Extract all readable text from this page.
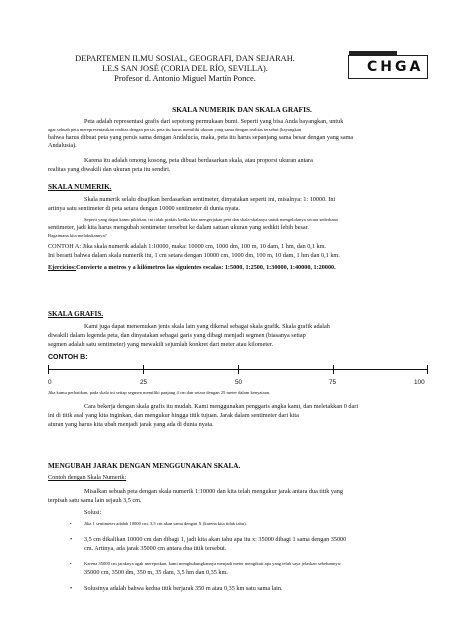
DEPARTEMEN ILMU SOSIAL, GEOGRAFI, DAN SEJARAH.
I.E.S SAN JOSÉ (CORIA DEL RÍO, SEVILLA).
Profesor d. Antonio Miguel Martín Ponce.
CHGA
SKALA NUMERIK DAN SKALA GRAFIS.
Peta adalah representasi grafis dari sepotong permukaan bumi. Seperti yang bisa Anda bayangkan, untuk
agar sebuah peta merepresentasikan realitas dengan persis, peta itu harus memiliki ukuran yang sama dengan realitas tersebut (bayangkan
bahwa harus dibuat peta yang persis sama dengan Andalucía, maka, peta itu harus sepanjang sama besar dengan yang sama
Andalusia).
Karena itu adalah omong kosong, peta dibuat berdasarkan skala, atau proporsi ukuran antara
realitas yang diwakili dan ukuran peta itu sendiri.
SKALA NUMERIK.
Skala numerik selalu disajikan berdasarkan sentimeter, dinyatakan seperti ini, misalnya: 1: 10000. Ini
artinya satu sentimeter di peta setara dengan 10000 sentimeter di dunia nyata.
Seperti yang dapat kamu pikirkan, ini tidak praktis ketika kita mengerjakan peta dan skala-skalanya untuk mengelolanya secara sederhana
sentimeter, jadi kita harus mengubah sentimeter tersebut ke dalam satuan ukuran yang sedikit lebih besar.
Bagaimana kita melakukannya?
CONTOH A: Jika skala numerik adalah 1:10000, maka: 10000 cm, 1000 dm, 100 m, 10 dam, 1 hm, dan 0,1 km.
Ini berarti bahwa dalam skala numerik itu, 1 cm setara dengan 10000 cm, 1000 dm, 100 m, 10 dam, 1 hm dan 0,1 km.
Ejercicios:Convierte a metros y a kilómetros las siguientes escalas: 1:5000, 1:2500, 1:30000, 1:40000, 1:20000.
SKALA GRAFIS.
Kami juga dapat menemukan jenis skala lain yang dikenal sebagai skala grafik. Skala grafik adalah
diwakili dalam legenda peta, dan dinyatakan sebagai garis yang dibagi menjadi segmen (biasanya setiap
segmen adalah satu sentimeter) yang mewakili sejumlah konkret dari meter atau kilometer.
CONTOH B:
0	25	50	75	100
Jika kamu perhatikan, pada skala ini setiap segmen memiliki panjang 4 cm dan setara dengan 25 meter dalam kenyataan.
Cara bekerja dengan skala grafis itu mudah. Kami menggunakan penggaris angka kami, dan meletakkan 0 dari
ini di titik asal yang kita inginkan, dan mengukur hingga titik tujuan. Jarak dalam sentimeter dari kita
aturan yang harus kita ubah menjadi jarak yang ada di dunia nyata.
MENGUBAH JARAK DENGAN MENGGUNAKAN SKALA.
Contoh dengan Skala Numerik:
Misalkan sebuah peta dengan skala numerik 1:10000 dan kita telah mengukur jarak antara dua titik yang
terpisah satu sama lain sejauh 3,5 cm.
Solusi:
•	Jika 1 sentimeter adalah 10000 cm, 3,5 cm akan sama dengan X (karena kita tidak tahu).
•	3,5 cm dikalikan 10000 cm dan dibagi 1, jadi kita akan tahu apa itu x: 35000 dibagi 1 sama dengan 35000
cm. Artinya, ada jarak 35000 cm antara dua titik tersebut.
•	Karena 35000 cm jaraknya agak merepotkan, kami menghubungkannya menjadi meter mengikuti apa yang telah saya jelaskan sebelumnya:
35000 cm, 3500 dm, 350 m, 35 dam, 3,5 hm dan 0,35 km.
•	Solusinya adalah bahwa kedua titik berjarak 350 m atau 0,35 km satu sama lain.
